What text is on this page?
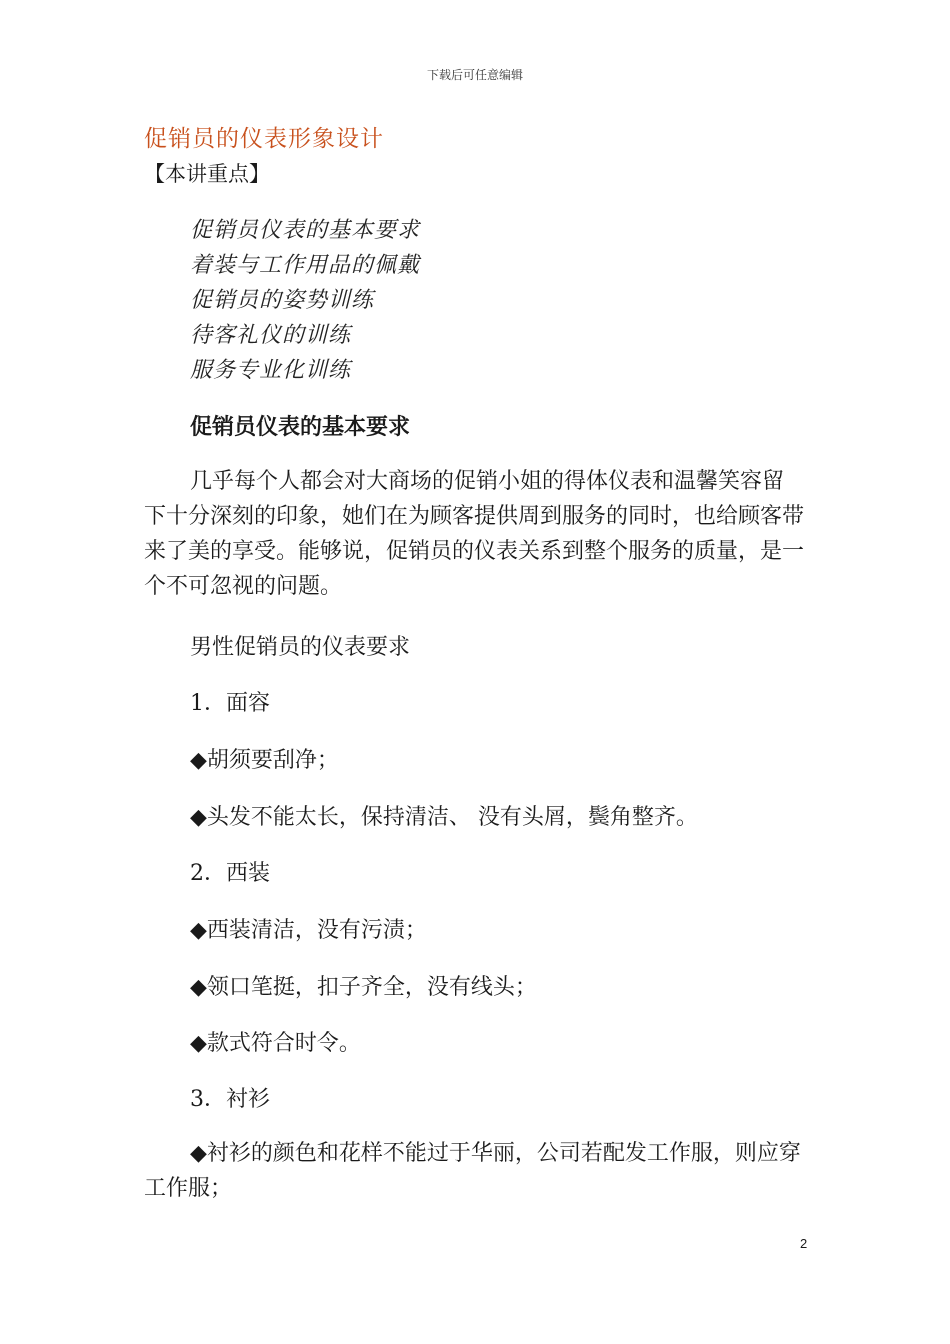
下载后可任意编辑
促销员的仪表形象设计
【本讲重点】
促销员仪表的基本要求
着装与工作用品的佩戴
促销员的姿势训练
待客礼仪的训练
服务专业化训练
促销员仪表的基本要求
几乎每个人都会对大商场的促销小姐的得体仪表和温馨笑容留下十分深刻的印象，她们在为顾客提供周到服务的同时，也给顾客带来了美的享受。能够说，促销员的仪表关系到整个服务的质量，是一个不可忽视的问题。
男性促销员的仪表要求
1．面容
◆胡须要刮净；
◆头发不能太长，保持清洁、 没有头屑，鬓角整齐。
2．西装
◆西装清洁，没有污渍；
◆领口笔挺，扣子齐全，没有线头；
◆款式符合时令。
3．衬衫
◆衬衫的颜色和花样不能过于华丽，公司若配发工作服，则应穿工作服；
2
